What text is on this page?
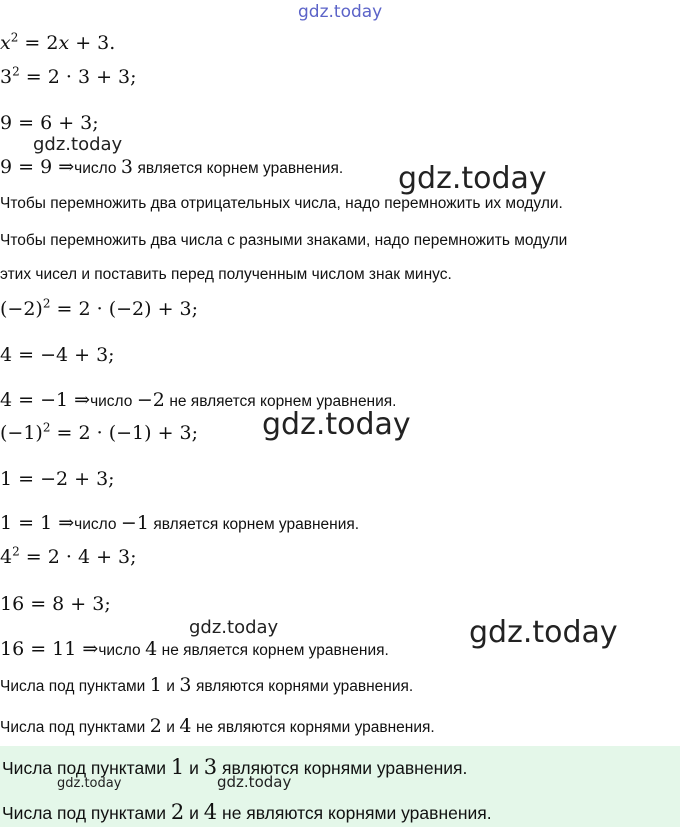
gdz.today
$x^2 = 2x + 3$.
$3^2 = 2 \cdot 3 + 3$;
9 = 6 + 3;
gdz.today
9 = 9 ⇒число 3 является корнем уравнения. gdz.today
Чтобы перемножить два отрицательных числа, надо перемножить их модули.
Чтобы перемножить два числа с разными знаками, надо перемножить модули
этих чисел и поставить перед полученным числом знак минус.
$(-2)^2 = 2 \cdot (-2) + 3$;
4 = −4 + 3;
4 = −1 ⇒число −2 не является корнем уравнения.
$(-1)^2 = 2 \cdot (-1) + 3$; gdz.today
1 = −2 + 3;
1 = 1 ⇒число −1 является корнем уравнения.
$4^2 = 2 \cdot 4 + 3$;
16 = 8 + 3;
gdz.today	gdz.today
16 = 11 ⇒число 4 не является корнем уравнения.
Числа под пунктами 1 и 3 являются корнями уравнения.
Числа под пунктами 2 и 4 не являются корнями уравнения.
Числа под пунктами 1 и 3 являются корнями уравнения.
gdz.today	gdz.today
Числа под пунктами 2 и 4 не являются корнями уравнения.
